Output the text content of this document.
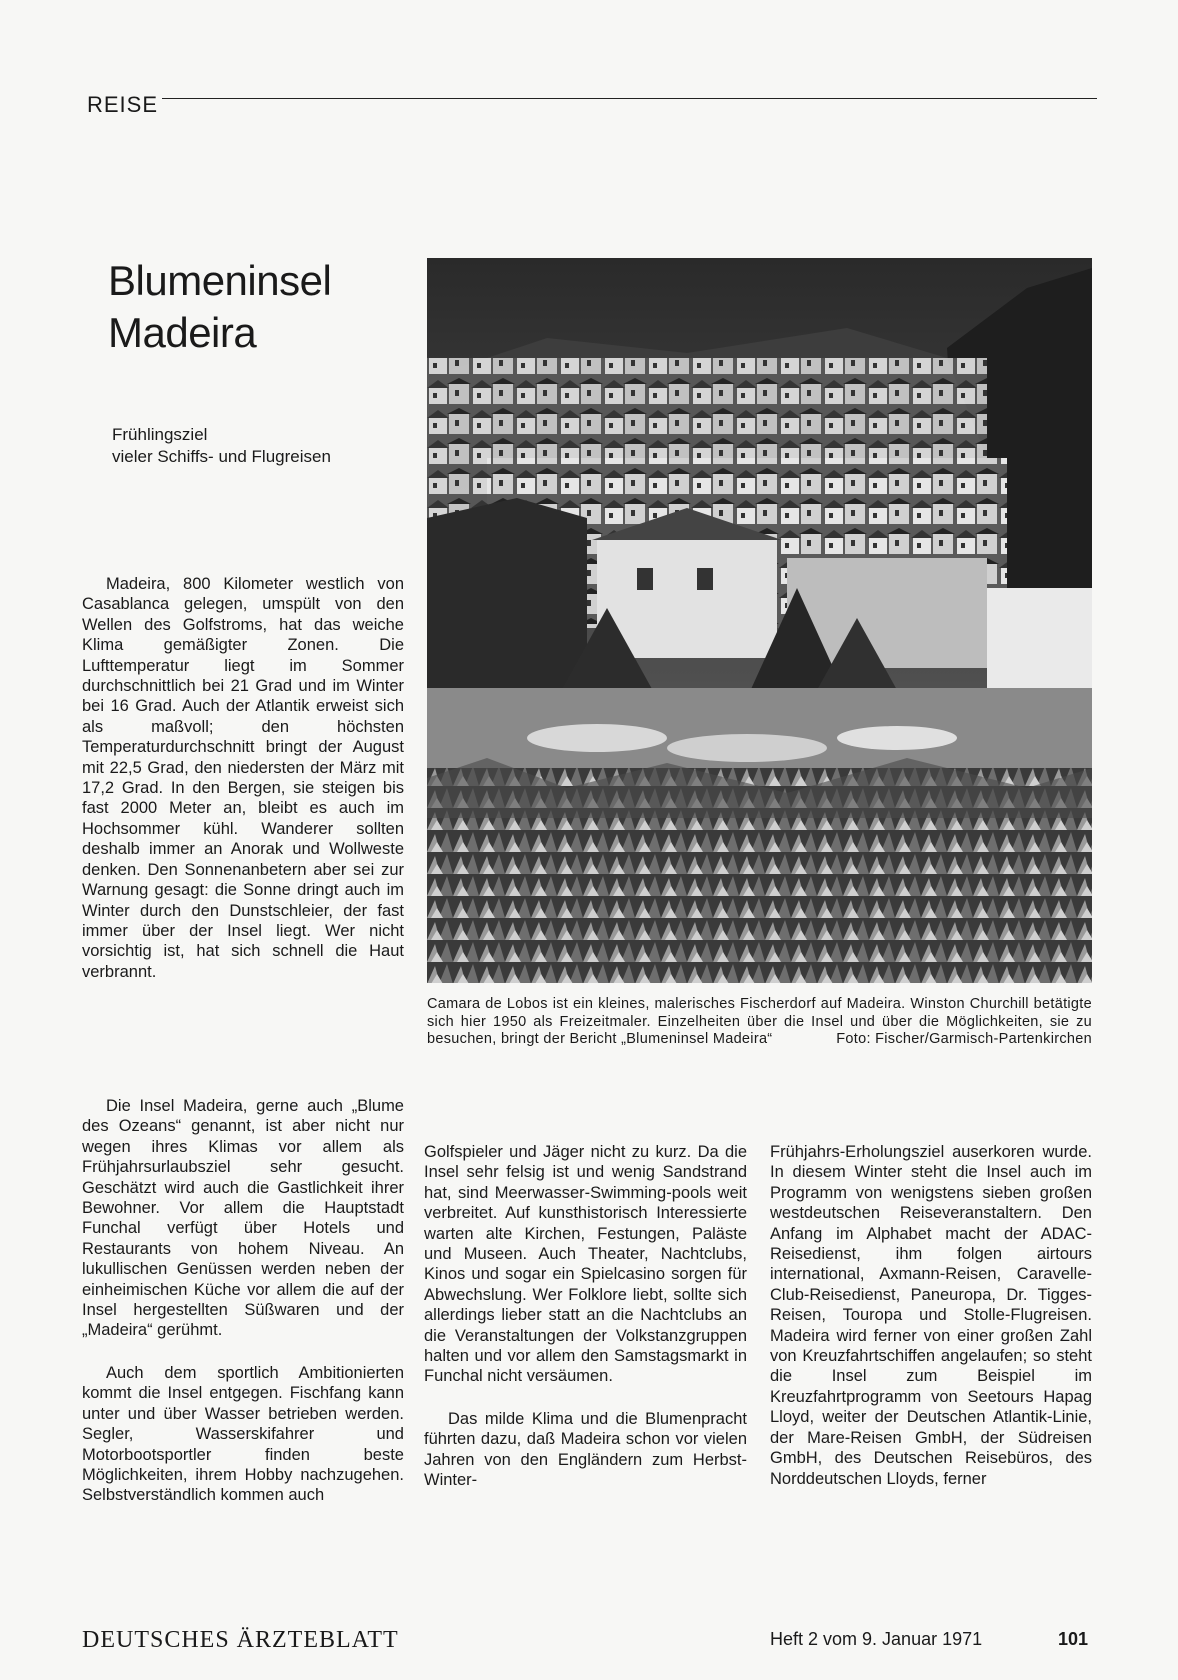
REISE
Blumeninsel
Madeira
Frühlingsziel
vieler Schiffs- und Flugreisen
Camara de Lobos ist ein kleines, malerisches Fischerdorf auf Madeira. Winston Churchill betätigte sich hier 1950 als Freizeitmaler. Einzelheiten über die Insel und über die Möglichkeiten, sie zu besuchen, bringt der Bericht „Blumeninsel Madeira“	Foto: Fischer/Garmisch-Partenkirchen

Madeira, 800 Kilometer westlich von Casablanca gelegen, umspült von den Wellen des Golfstroms, hat das weiche Klima gemäßigter Zonen. Die Lufttemperatur liegt im Sommer durchschnittlich bei 21 Grad und im Winter bei 16 Grad. Auch der Atlantik erweist sich als maßvoll; den höchsten Temperaturdurchschnitt bringt der August mit 22,5 Grad, den niedersten der März mit 17,2 Grad. In den Bergen, sie steigen bis fast 2000 Meter an, bleibt es auch im Hochsommer kühl. Wanderer sollten deshalb immer an Anorak und Wollweste denken. Den Sonnenanbetern aber sei zur Warnung gesagt: die Sonne dringt auch im Winter durch den Dunstschleier, der fast immer über der Insel liegt. Wer nicht vorsichtig ist, hat sich schnell die Haut verbrannt.

Die Insel Madeira, gerne auch „Blume des Ozeans“ genannt, ist aber nicht nur wegen ihres Klimas vor allem als Frühjahrsurlaubsziel sehr gesucht. Geschätzt wird auch die Gastlichkeit ihrer Bewohner. Vor allem die Hauptstadt Funchal verfügt über Hotels und Restaurants von hohem Niveau. An lukullischen Genüssen werden neben der einheimischen Küche vor allem die auf der Insel hergestellten Süßwaren und der „Madeira“ gerühmt.

Auch dem sportlich Ambitionierten kommt die Insel entgegen. Fischfang kann unter und über Wasser betrieben werden. Segler, Wasserskifahrer und Motorbootsportler finden beste Möglichkeiten, ihrem Hobby nachzugehen. Selbstverständlich kommen auch

Golfspieler und Jäger nicht zu kurz. Da die Insel sehr felsig ist und wenig Sandstrand hat, sind Meerwasser-Swimming-pools weit verbreitet. Auf kunsthistorisch Interessierte warten alte Kirchen, Festungen, Paläste und Museen. Auch Theater, Nachtclubs, Kinos und sogar ein Spielcasino sorgen für Abwechslung. Wer Folklore liebt, sollte sich allerdings lieber statt an die Nachtclubs an die Veranstaltungen der Volkstanzgruppen halten und vor allem den Samstagsmarkt in Funchal nicht versäumen.

Das milde Klima und die Blumenpracht führten dazu, daß Madeira schon vor vielen Jahren von den Engländern zum Herbst-Winter-

Frühjahrs-Erholungsziel auserkoren wurde. In diesem Winter steht die Insel auch im Programm von wenigstens sieben großen westdeutschen Reiseveranstaltern. Den Anfang im Alphabet macht der ADAC-Reisedienst, ihm folgen airtours international, Axmann-Reisen, Caravelle-Club-Reisedienst, Paneuropa, Dr. Tigges-Reisen, Touropa und Stolle-Flugreisen. Madeira wird ferner von einer großen Zahl von Kreuzfahrtschiffen angelaufen; so steht die Insel zum Beispiel im Kreuzfahrtprogramm von Seetours Hapag Lloyd, weiter der Deutschen Atlantik-Linie, der Mare-Reisen GmbH, der Südreisen GmbH, des Deutschen Reisebüros, des Norddeutschen Lloyds, ferner

DEUTSCHES ÄRZTEBLATT	Heft 2 vom 9. Januar 1971	101
